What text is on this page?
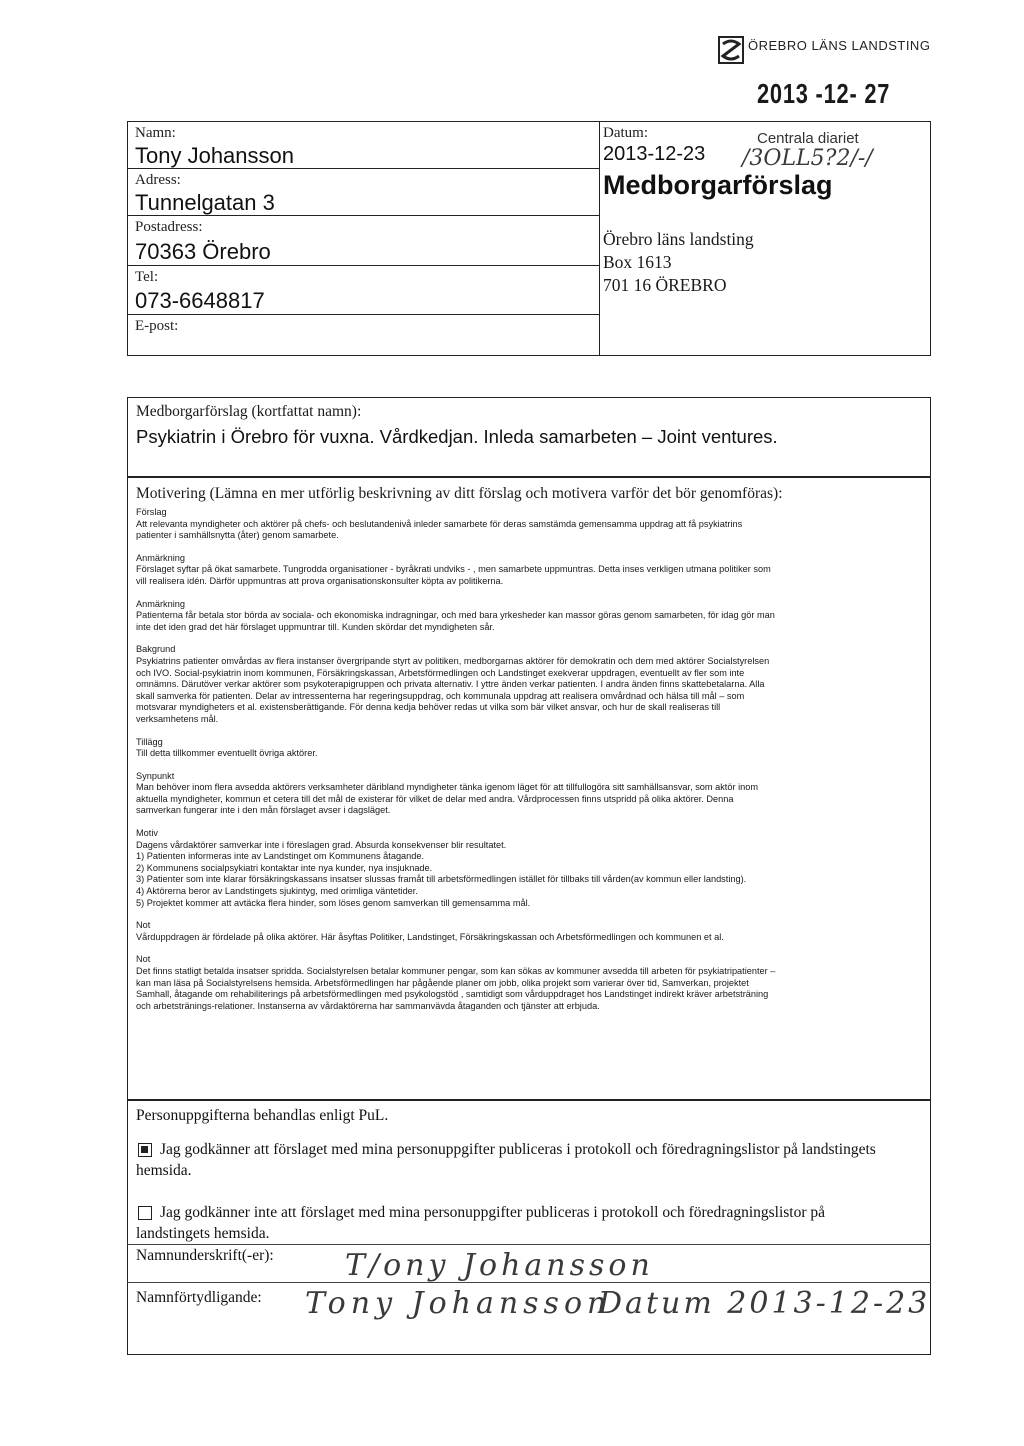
ÖREBRO LÄNS LANDSTING
2013 -12- 27
Namn:
Tony Johansson
Adress:
Tunnelgatan 3
Postadress:
70363 Örebro
Tel:
073-6648817
E-post:
Datum:
2013-12-23
Centrala diariet
/3OLL5?2/-/
Medborgarförslag
Örebro läns landsting
Box 1613
701 16 ÖREBRO
Medborgarförslag (kortfattat namn):
Psykiatrin i Örebro för vuxna. Vårdkedjan. Inleda samarbeten – Joint ventures.
Motivering (Lämna en mer utförlig beskrivning av ditt förslag och motivera varför det bör genomföras):
Förslag
Att relevanta myndigheter och aktörer på chefs- och beslutandenivå inleder samarbete för deras samstämda gemensamma uppdrag att få psykiatrins
patienter i samhällsnytta (åter) genom samarbete.
Anmärkning
Förslaget syftar på ökat samarbete. Tungrodda organisationer - byråkrati undviks - , men samarbete uppmuntras. Detta inses verkligen utmana politiker som
vill realisera idén. Därför uppmuntras att prova organisationskonsulter köpta av politikerna.
Anmärkning
Patienterna får betala stor börda av sociala- och ekonomiska indragningar, och med bara yrkesheder kan massor göras genom samarbeten, för idag gör man
inte det iden grad det här förslaget uppmuntrar till. Kunden skördar det myndigheten sår.
Bakgrund
Psykiatrins patienter omvårdas av flera instanser övergripande styrt av politiken, medborgarnas aktörer för demokratin och dem med aktörer Socialstyrelsen
och IVO. Social-psykiatrin inom kommunen, Försäkringskassan, Arbetsförmedlingen och Landstinget exekverar uppdragen, eventuellt av fler som inte
omnämns. Därutöver verkar aktörer som psykoterapigruppen och privata alternativ. I yttre änden verkar patienten. I andra änden finns skattebetalarna. Alla
skall samverka för patienten. Delar av intressenterna har regeringsuppdrag, och kommunala uppdrag att realisera omvårdnad och hälsa till mål – som
motsvarar myndigheters et al. existensberättigande. För denna kedja behöver redas ut vilka som bär vilket ansvar, och hur de skall realiseras till
verksamhetens mål.
Tillägg
Till detta tillkommer eventuellt övriga aktörer.
Synpunkt
Man behöver inom flera avsedda aktörers verksamheter däribland myndigheter tänka igenom läget för att tillfullogöra sitt samhällsansvar, som aktör inom
aktuella myndigheter, kommun et cetera till det mål de existerar för vilket de delar med andra. Vårdprocessen finns utspridd på olika aktörer. Denna
samverkan fungerar inte i den mån förslaget avser i dagsläget.
Motiv
Dagens vårdaktörer samverkar inte i föreslagen grad. Absurda konsekvenser blir resultatet.
1) Patienten informeras inte av Landstinget om Kommunens åtagande.
2) Kommunens socialpsykiatri kontaktar inte nya kunder, nya insjuknade.
3) Patienter som inte klarar försäkringskassans insatser slussas framåt till arbetsförmedlingen istället för tillbaks till vården(av kommun eller landsting).
4) Aktörerna beror av Landstingets sjukintyg, med orimliga väntetider.
5) Projektet kommer att avtäcka flera hinder, som löses genom samverkan till gemensamma mål.
Not
Vårduppdragen är fördelade på olika aktörer. Här åsyftas Politiker, Landstinget, Försäkringskassan och Arbetsförmedlingen och kommunen et al.
Not
Det finns statligt betalda insatser spridda. Socialstyrelsen betalar kommuner pengar, som kan sökas av kommuner avsedda till arbeten för psykiatripatienter –
kan man läsa på Socialstyrelsens hemsida. Arbetsförmedlingen har pågående planer om jobb, olika projekt som varierar över tid, Samverkan, projektet
Samhall, åtagande om rehabiliterings på arbetsförmedlingen med psykologstöd , samtidigt som vårduppdraget hos Landstinget indirekt kräver arbetsträning
och arbetstränings-relationer. Instanserna av vårdaktörerna har sammanvävda åtaganden och tjänster att erbjuda.
Personuppgifterna behandlas enligt PuL.
Jag godkänner att förslaget med mina personuppgifter publiceras i protokoll och föredragningslistor på landstingets
hemsida.
Jag godkänner inte att förslaget med mina personuppgifter publiceras i protokoll och föredragningslistor på
landstingets hemsida.
Namnunderskrift(-er): T/ony Johansson
Namnförtydligande: Tony Johansson
Datum 2013-12-23
